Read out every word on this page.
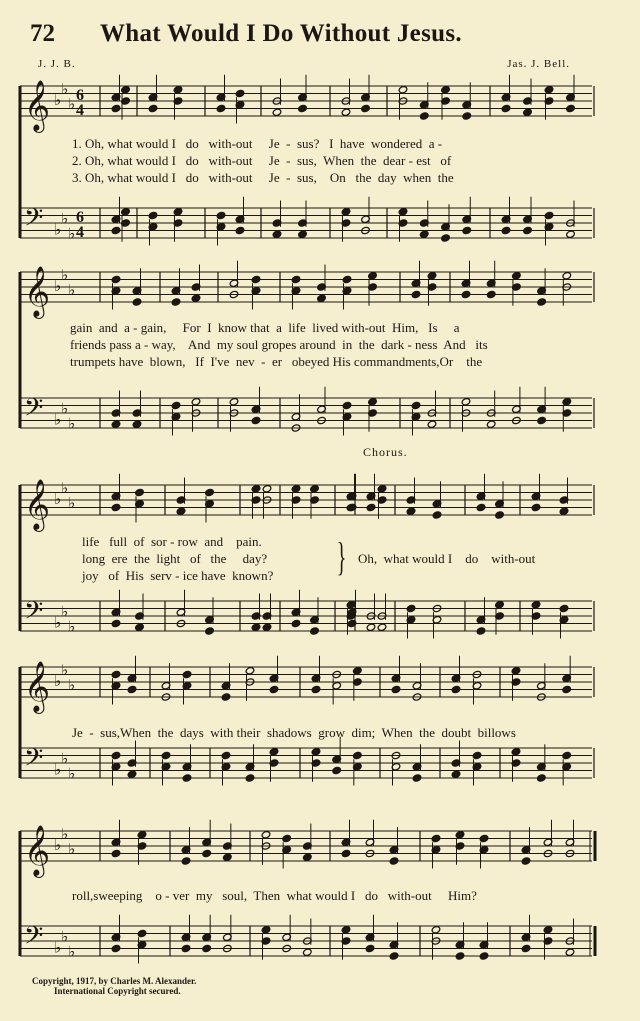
72 What Would I Do Without Jesus.
J. J. B.	Jas. J. Bell.
𝄞 ♭
♭
♭ 6
4
𝄢 ♭
♭
♭
6
4
𝄞 ♭
♭
♭
𝄢 ♭
♭
♭
𝄞 ♭
♭
♭
𝄢 ♭
♭
♭
𝄞 ♭
♭
♭
𝄢 ♭
♭
♭
𝄞 ♭
♭
♭
𝄢 ♭
♭
♭
1. Oh, what would I   do   with-out     Je  -  sus?   I  have  wondered  a -
2. Oh, what would I   do   with-out     Je  -  sus,  When  the  dear - est   of
3. Oh, what would I   do   with-out     Je  -  sus,    On   the  day  when  the
gain  and  a - gain,     For  I  know that  a  life  lived with-out  Him,   Is     a
friends pass a - way,    And  my soul gropes around  in  the  dark - ness  And   its
trumpets have  blown,   If  I've  nev  -  er   obeyed His commandments,Or    the
Chorus.
life   full  of  sor - row  and    pain.
long  ere  the  light   of   the     day?
joy   of  His  serv - ice have  known? } Oh,  what would I    do    with-out
Je  -  sus,When  the  days  with their  shadows  grow  dim;  When  the  doubt  billows
roll,sweeping    o - ver  my   soul,  Then  what would I   do   with-out     Him?
Copyright, 1917, by Charles M. Alexander.
International Copyright secured.
